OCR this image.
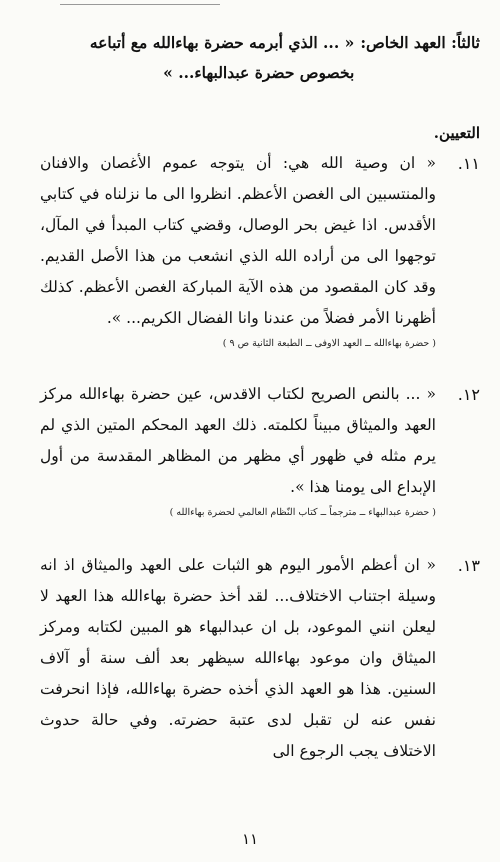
ثالثاً: العهد الخاص:
« ... الذي أبرمه حضرة بهاءالله مع أتباعه بخصوص حضرة عبدالبهاء... »
التعيين.
١١.

« ان وصية الله هي: أن يتوجه عموم الأغصان والافنان والمنتسبين الى الغصن الأعظم. انظروا الى ما نزلناه في كتابي الأقدس. اذا غيض بحر الوصال، وقضي كتاب المبدأ في المآل، توجهوا الى من أراده الله الذي انشعب من هذا الأصل القديم. وقد كان المقصود من هذه الآية المباركة الغصن الأعظم. كذلك أظهرنا الأمر فضلاً من عندنا وانا الفضال الكريم... ».

( حضرة بهاءالله ــ العهد الاوفى ــ الطبعة الثانية ص ٩ )

١٢.

« ... بالنص الصريح لكتاب الاقدس، عين حضرة بهاءالله مركز العهد والميثاق مبيناً لكلمته. ذلك العهد المحكم المتين الذي لم يرم مثله في ظهور أي مظهر من المظاهر المقدسة من أول الإبداع الى يومنا هذا ».

( حضرة عبدالبهاء ــ مترجماً ــ كتاب النّظام العالمي لحضرة بهاءالله )

١٣.

« ان أعظم الأمور اليوم هو الثبات على العهد والميثاق اذ انه وسيلة اجتناب الاختلاف... لقد أخذ حضرة بهاءالله هذا العهد لا ليعلن انني الموعود، بل ان عبدالبهاء هو المبين لكتابه ومركز الميثاق وان موعود بهاءالله سيظهر بعد ألف سنة أو آلاف السنين. هذا هو العهد الذي أخذه حضرة بهاءالله، فإذا انحرفت نفس عنه لن تقبل لدى عتبة حضرته. وفي حالة حدوث الاختلاف يجب الرجوع الى

١١
